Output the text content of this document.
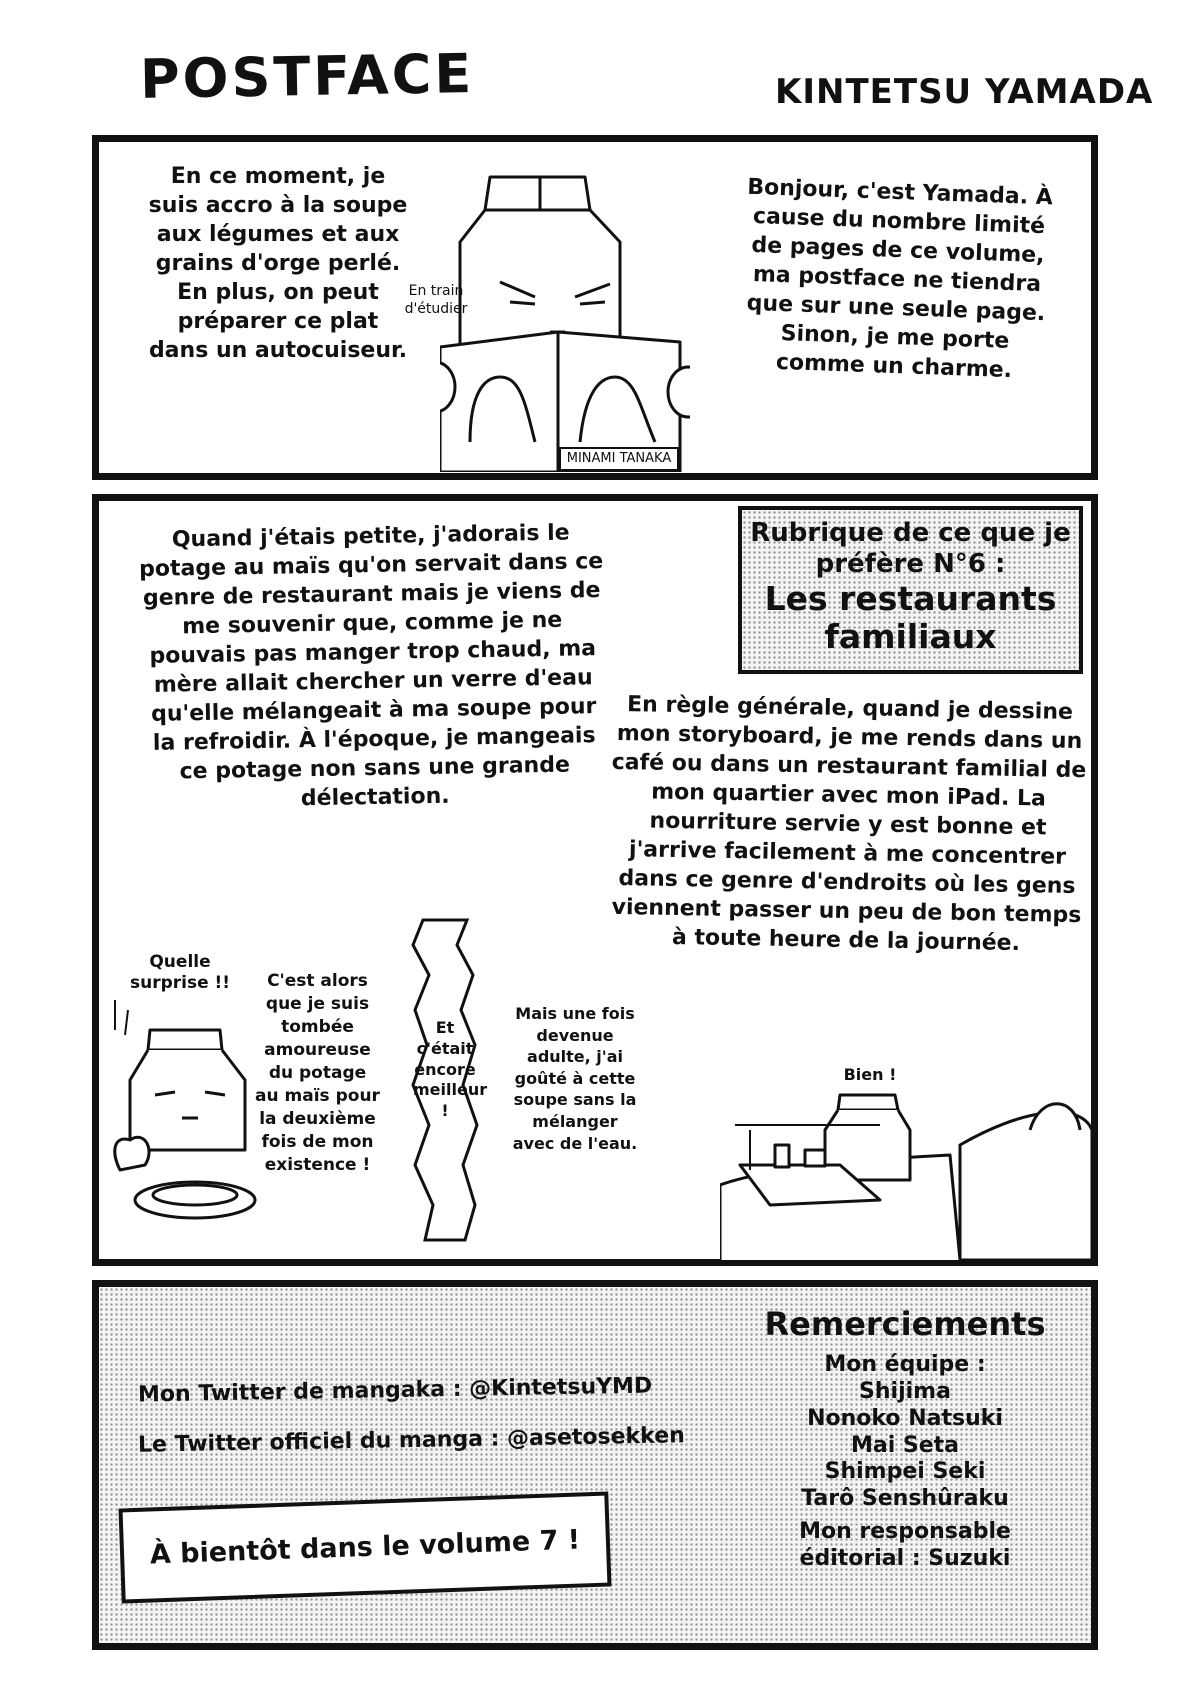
POSTFACE	KINTETSU YAMADA
En ce moment, je suis accro à la soupe aux légumes et aux grains d'orge perlé. En plus, on peut préparer ce plat dans un autocuiseur.
Bonjour, c'est Yamada. À cause du nombre limité de pages de ce volume, ma postface ne tiendra que sur une seule page. Sinon, je me porte comme un charme.
En train d'étudier
MINAMI TANAKA
Rubrique de ce que je préfère N°6 :
Les restaurants familiaux
Quand j'étais petite, j'adorais le potage au maïs qu'on servait dans ce genre de restaurant mais je viens de me souvenir que, comme je ne pouvais pas manger trop chaud, ma mère allait chercher un verre d'eau qu'elle mélangeait à ma soupe pour la refroidir. À l'époque, je mangeais ce potage non sans une grande délectation.
En règle générale, quand je dessine mon storyboard, je me rends dans un café ou dans un restaurant familial de mon quartier avec mon iPad. La nourriture servie y est bonne et j'arrive facilement à me concentrer dans ce genre d'endroits où les gens viennent passer un peu de bon temps à toute heure de la journée.
Quelle surprise !!	C'est alors que je suis tombée amoureuse du potage au maïs pour la deuxième fois de mon existence !
Et c'était encore meilleur !
Mais une fois devenue adulte, j'ai goûté à cette soupe sans la mélanger avec de l'eau.
Bien !
Mon Twitter de mangaka : @KintetsuYMD
Le Twitter officiel du manga : @asetosekken
À bientôt dans le volume 7 !
Remerciements
Mon équipe :
Shijima
Nonoko Natsuki
Mai Seta
Shimpei Seki
Tarô Senshûraku
Mon responsable éditorial : Suzuki
